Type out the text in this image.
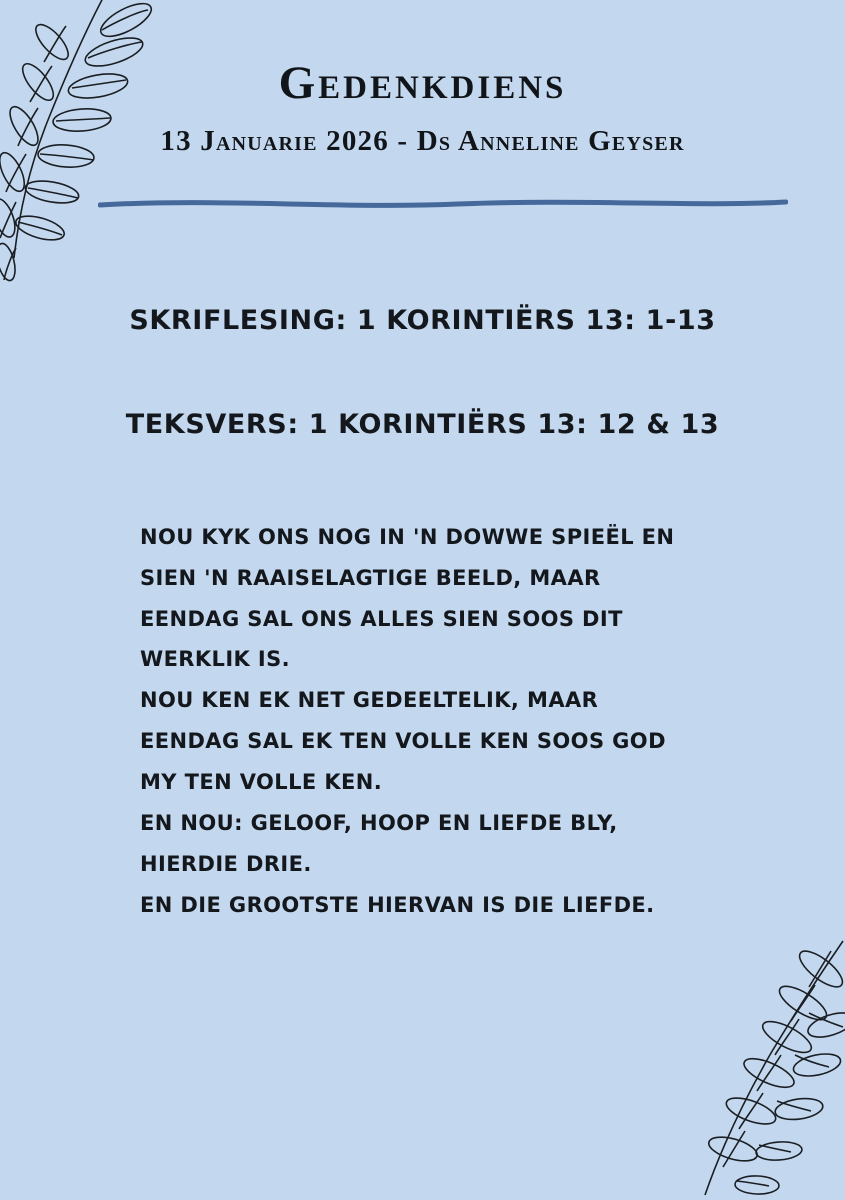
Gedenkdiens
13 Januarie 2026 - Ds Anneline Geyser
SKRIFLESING: 1 KORINTIËRS 13: 1-13
TEKSVERS: 1 KORINTIËRS 13: 12 & 13

NOU KYK ONS NOG IN 'N DOWWE SPIEËL EN

SIEN 'N RAAISELAGTIGE BEELD, MAAR

EENDAG SAL ONS ALLES SIEN SOOS DIT

WERKLIK IS.

NOU KEN EK NET GEDEELTELIK, MAAR

EENDAG SAL EK TEN VOLLE KEN SOOS GOD

MY TEN VOLLE KEN.

EN NOU: GELOOF, HOOP EN LIEFDE BLY,

HIERDIE DRIE.

EN DIE GROOTSTE HIERVAN IS DIE LIEFDE.
